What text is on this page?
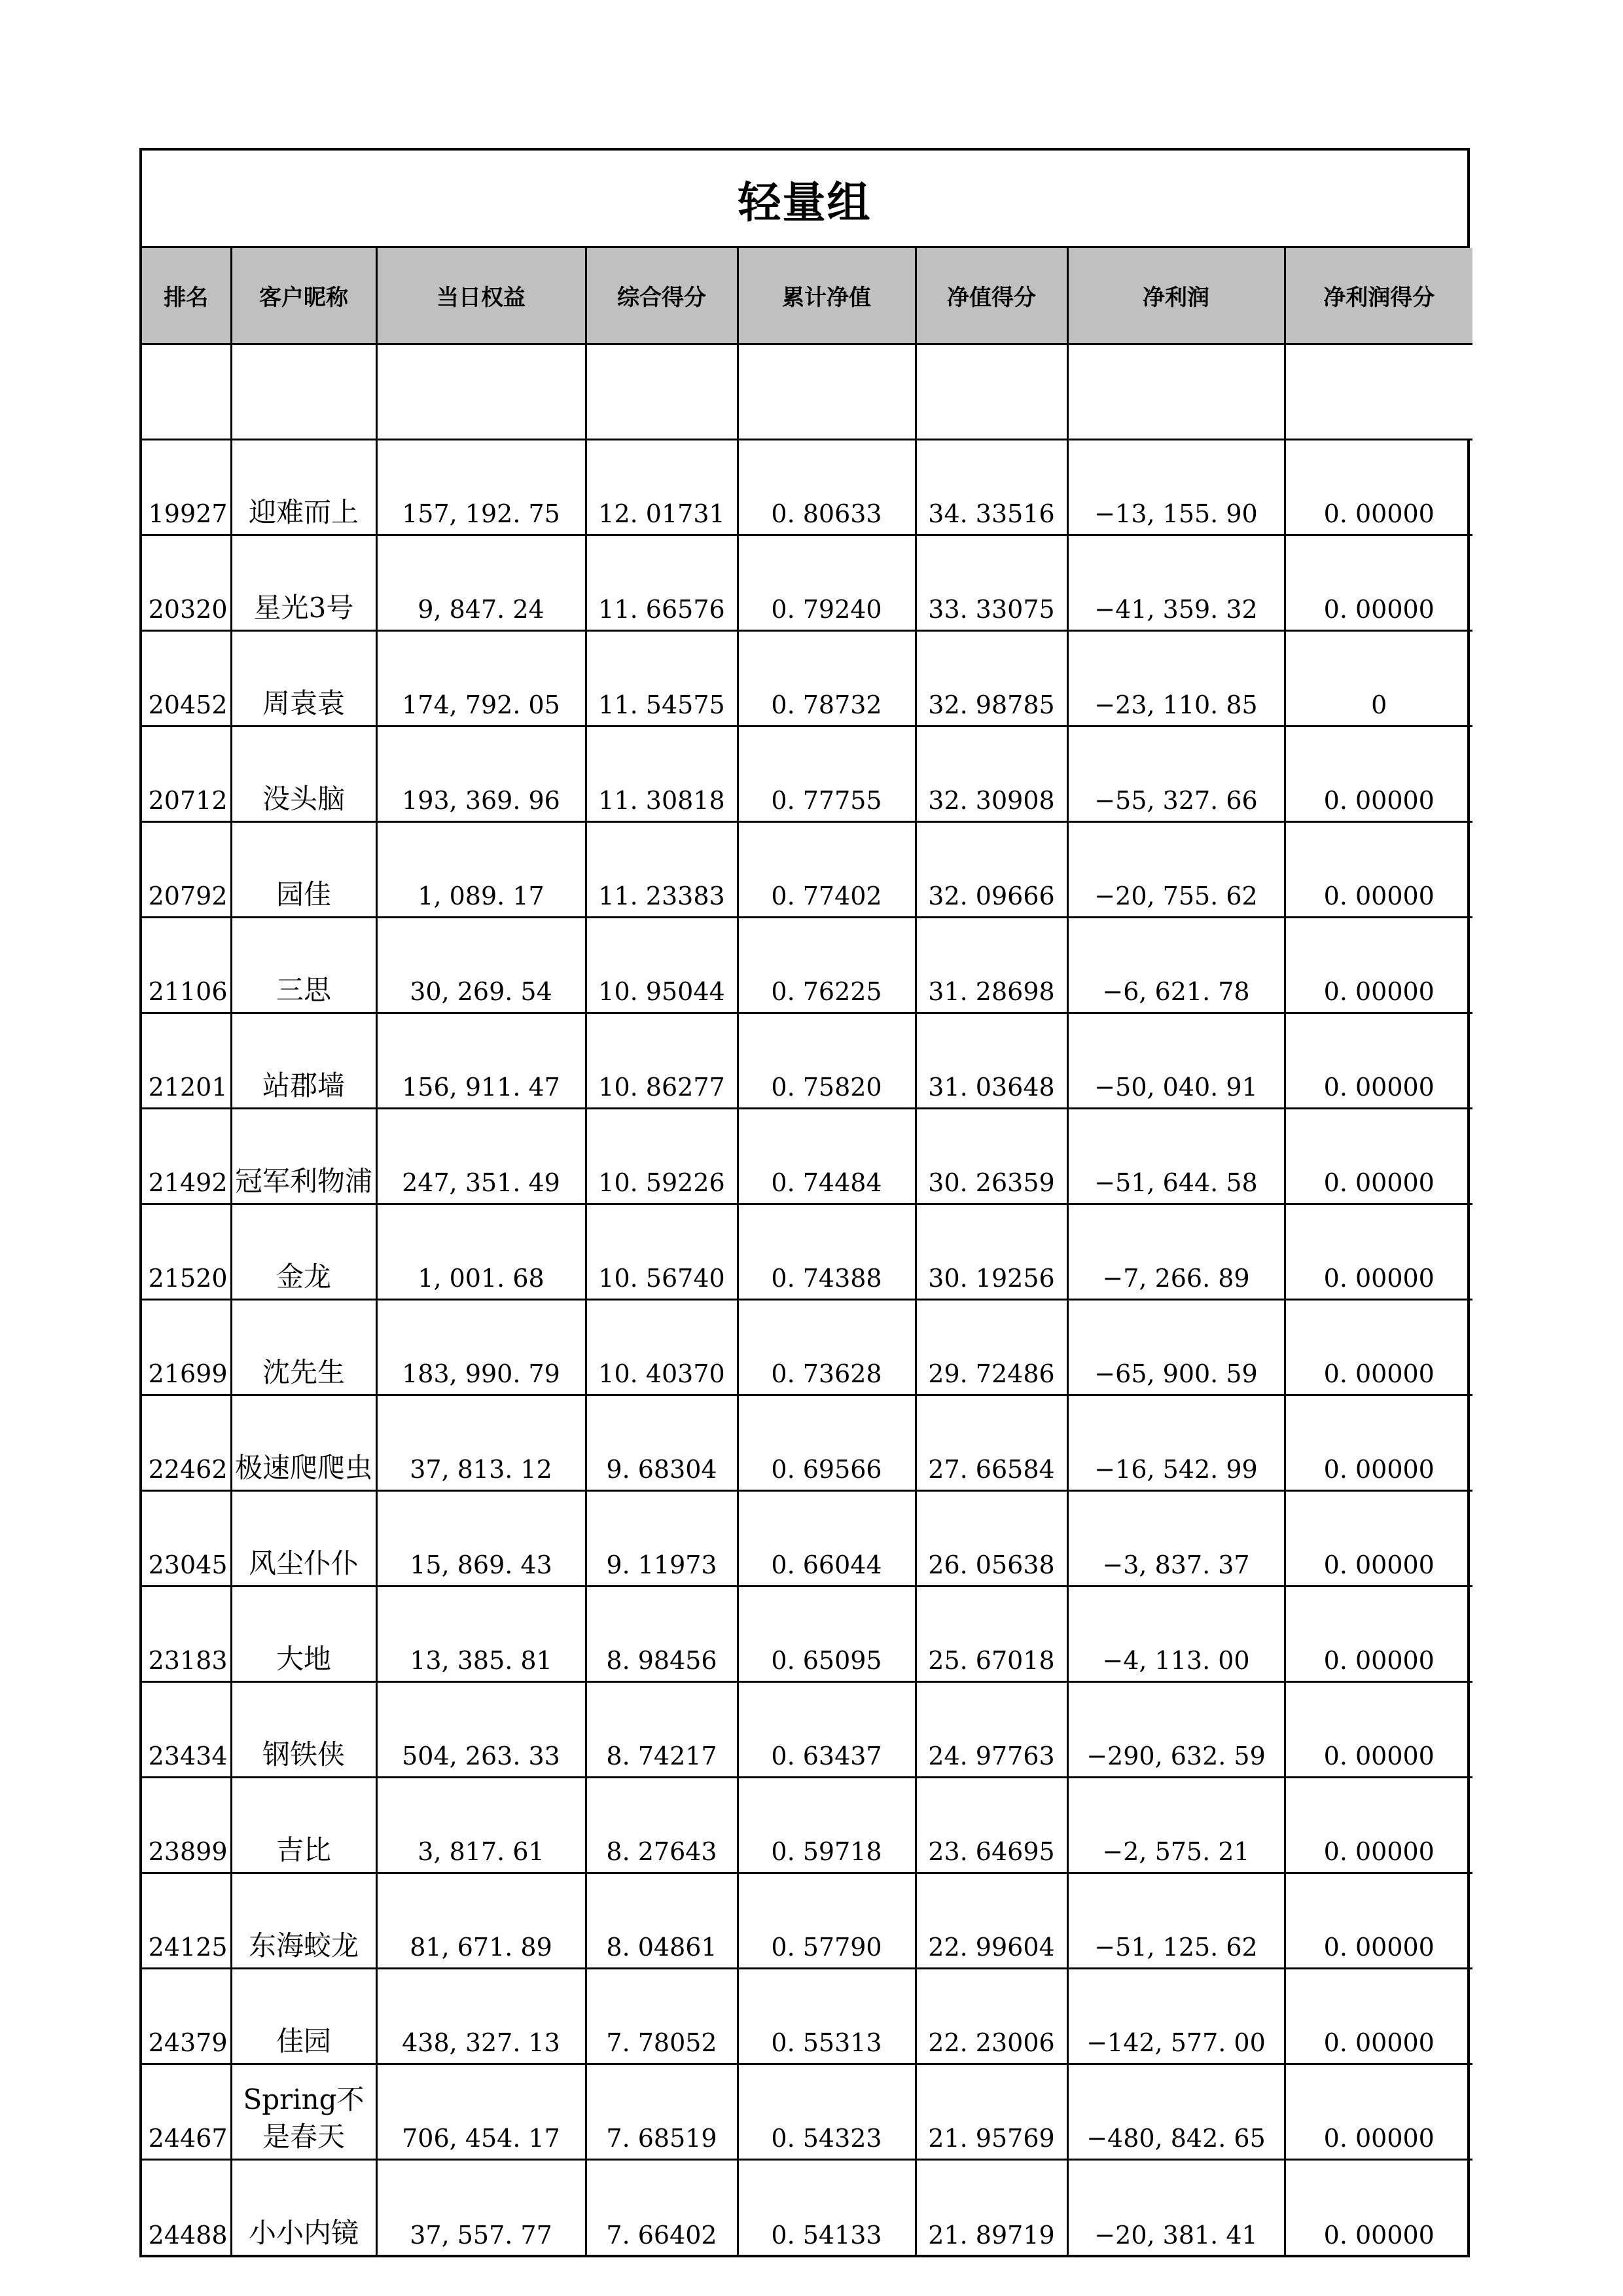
轻量组
排名	客户昵称	当日权益	综合得分	累计净值	净值得分	净利润	净利润得分

19927	迎难而上	157, 192. 75	12. 01731	0. 80633	34. 33516	−13, 155. 90	0. 00000
20320	星光3号	9, 847. 24	11. 66576	0. 79240	33. 33075	−41, 359. 32	0. 00000
20452	周袁袁	174, 792. 05	11. 54575	0. 78732	32. 98785	−23, 110. 85	0
20712	没头脑	193, 369. 96	11. 30818	0. 77755	32. 30908	−55, 327. 66	0. 00000
20792	园佳	1, 089. 17	11. 23383	0. 77402	32. 09666	−20, 755. 62	0. 00000
21106	三思	30, 269. 54	10. 95044	0. 76225	31. 28698	−6, 621. 78	0. 00000
21201	站郡墙	156, 911. 47	10. 86277	0. 75820	31. 03648	−50, 040. 91	0. 00000
21492	冠军利物浦	247, 351. 49	10. 59226	0. 74484	30. 26359	−51, 644. 58	0. 00000
21520	金龙	1, 001. 68	10. 56740	0. 74388	30. 19256	−7, 266. 89	0. 00000
21699	沈先生	183, 990. 79	10. 40370	0. 73628	29. 72486	−65, 900. 59	0. 00000
22462	极速爬爬虫	37, 813. 12	9. 68304	0. 69566	27. 66584	−16, 542. 99	0. 00000
23045	风尘仆仆	15, 869. 43	9. 11973	0. 66044	26. 05638	−3, 837. 37	0. 00000
23183	大地	13, 385. 81	8. 98456	0. 65095	25. 67018	−4, 113. 00	0. 00000
23434	钢铁侠	504, 263. 33	8. 74217	0. 63437	24. 97763	−290, 632. 59	0. 00000
23899	吉比	3, 817. 61	8. 27643	0. 59718	23. 64695	−2, 575. 21	0. 00000
24125	东海蛟龙	81, 671. 89	8. 04861	0. 57790	22. 99604	−51, 125. 62	0. 00000
24379	佳园	438, 327. 13	7. 78052	0. 55313	22. 23006	−142, 577. 00	0. 00000
24467	Spring不是春天	706, 454. 17	7. 68519	0. 54323	21. 95769	−480, 842. 65	0. 00000
24488	小小内镜	37, 557. 77	7. 66402	0. 54133	21. 89719	−20, 381. 41	0. 00000
